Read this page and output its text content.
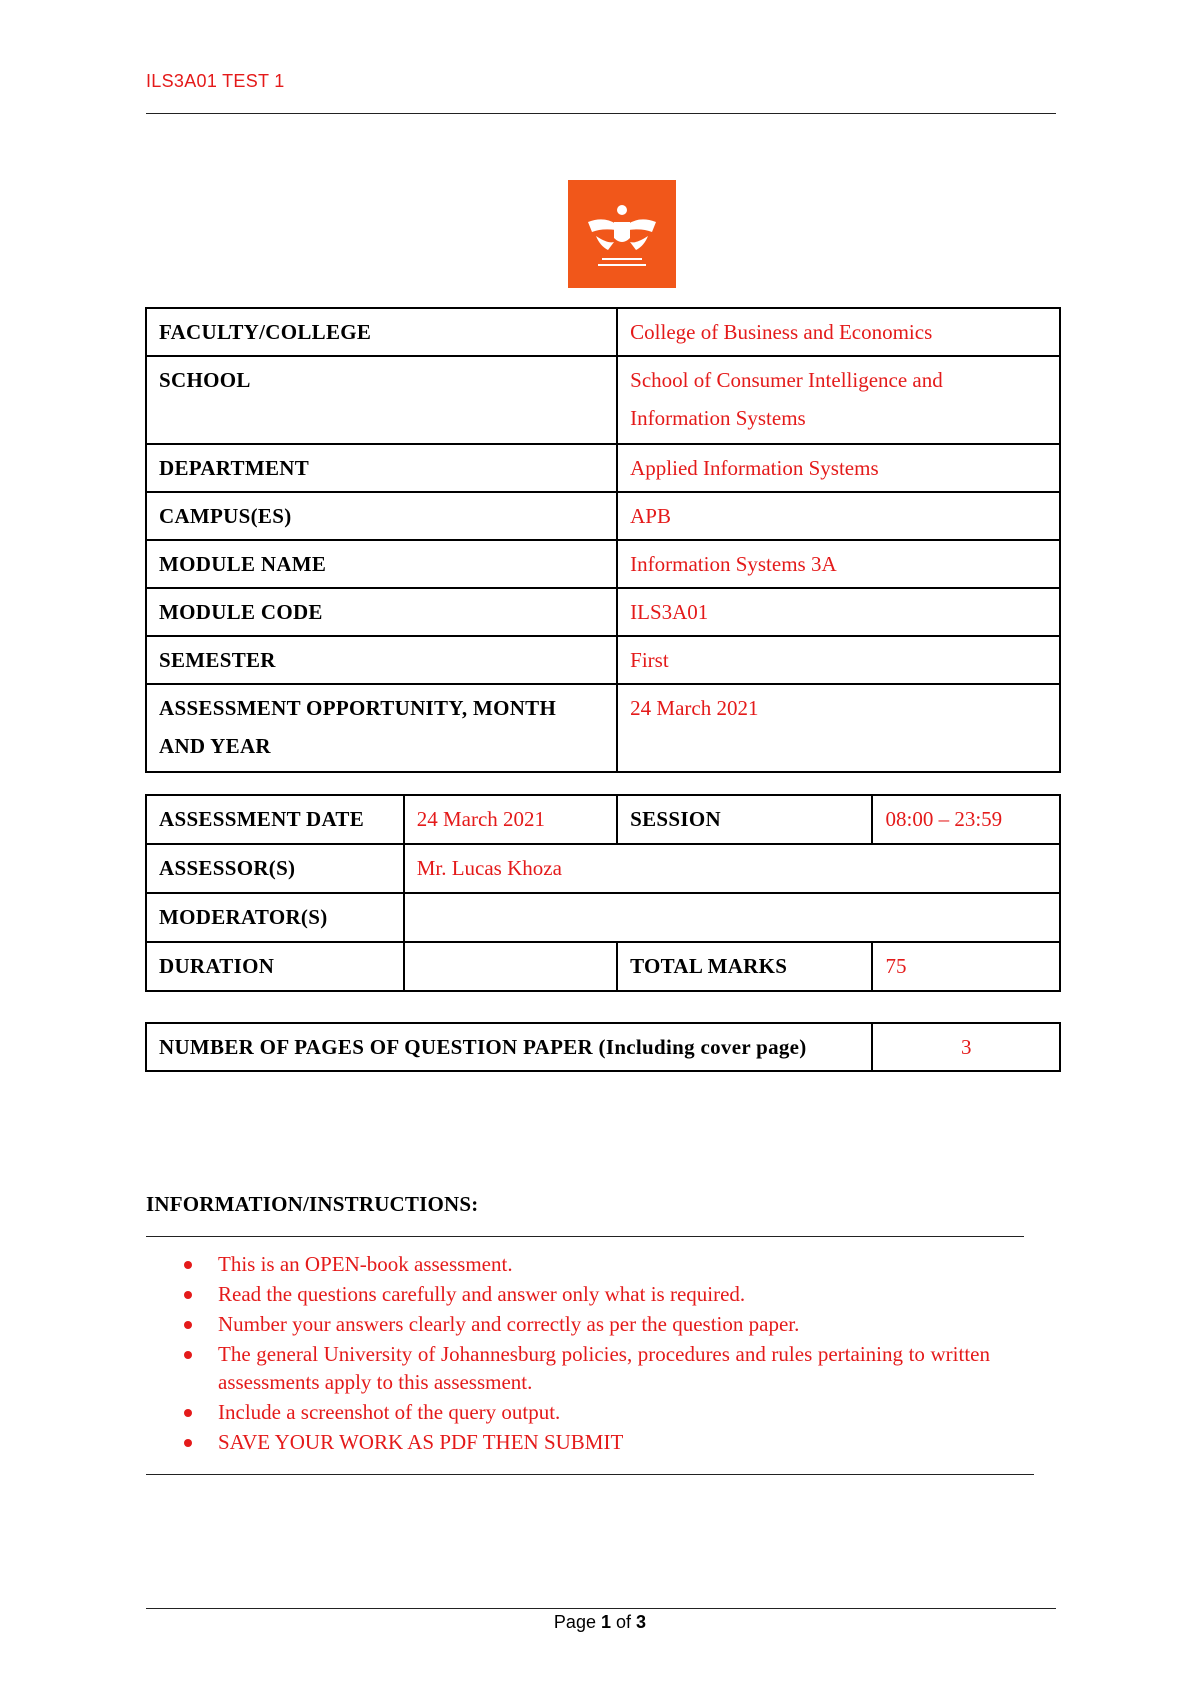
ILS3A01 TEST 1
FACULTY/COLLEGE	College of Business and Economics
SCHOOL	School of Consumer Intelligence and Information Systems
DEPARTMENT	Applied Information Systems
CAMPUS(ES)	APB
MODULE NAME	Information Systems 3A
MODULE CODE	ILS3A01
SEMESTER	First
ASSESSMENT OPPORTUNITY, MONTH AND YEAR	24 March 2021
ASSESSMENT DATE	24 March 2021	SESSION	08:00 – 23:59
ASSESSOR(S)	Mr. Lucas Khoza		
MODERATOR(S)			
DURATION		TOTAL MARKS	75
NUMBER OF PAGES OF QUESTION PAPER (Including cover page)	3
INFORMATION/INSTRUCTIONS:
This is an OPEN-book assessment.
Read the questions carefully and answer only what is required.
Number your answers clearly and correctly as per the question paper.
The general University of Johannesburg policies, procedures and rules pertaining to written assessments apply to this assessment.
Include a screenshot of the query output.
SAVE YOUR WORK AS PDF THEN SUBMIT
Page 1 of 3
